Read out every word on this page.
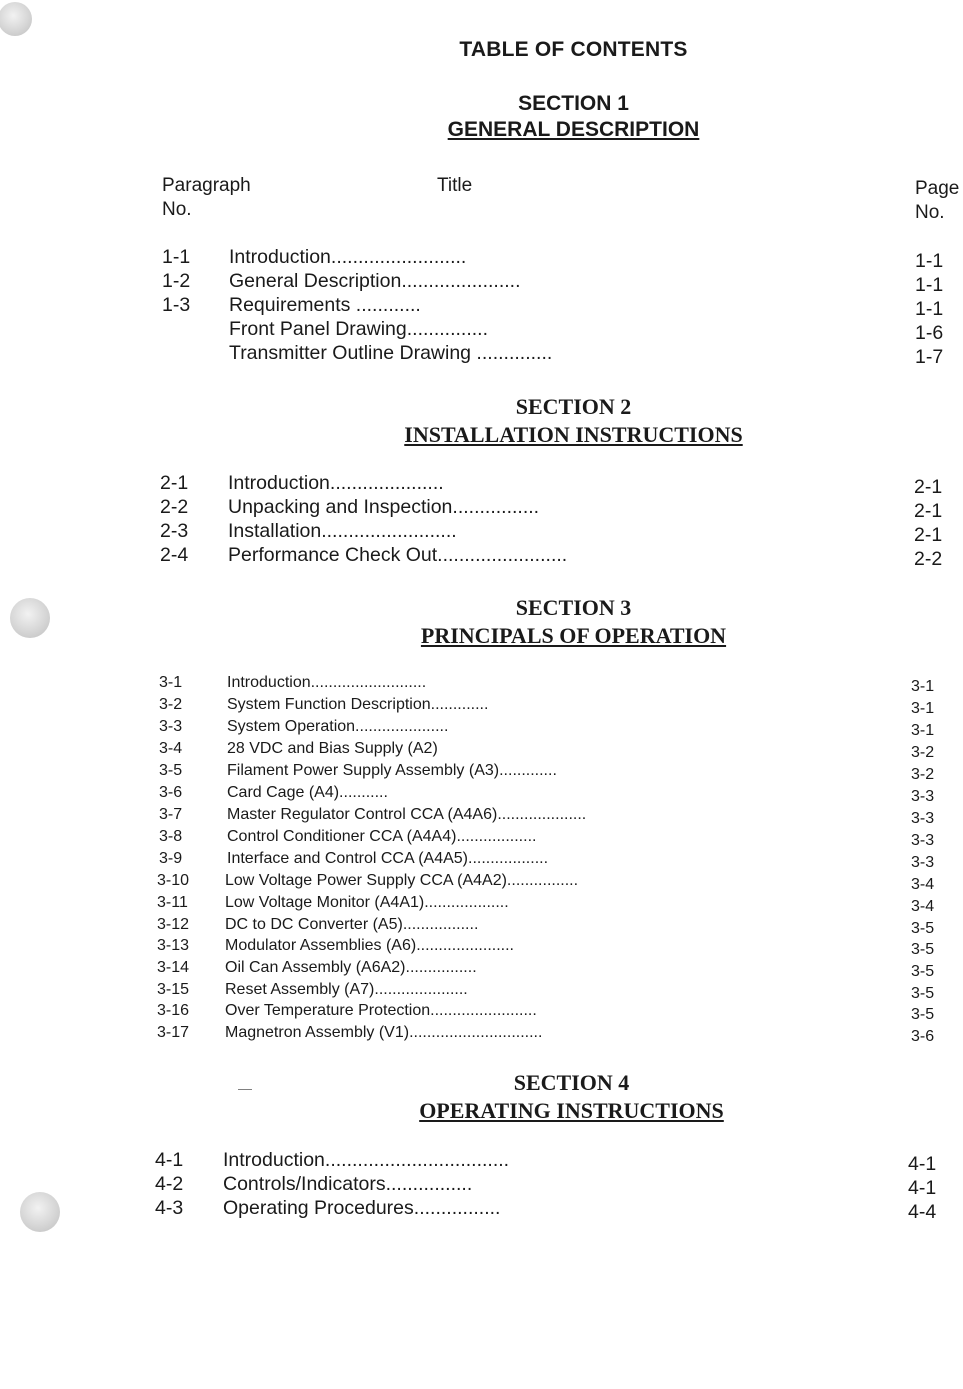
TABLE OF CONTENTS
SECTION 1
GENERAL DESCRIPTION
Paragraph
No.
Title	Page
No.
1-1 Introduction.........................	1-1
1-2 General Description......................	1-1
1-3 Requirements ............	1-1
Front Panel Drawing...............	1-6
Transmitter Outline Drawing ..............	1-7
SECTION 2
INSTALLATION INSTRUCTIONS
2-1 Introduction.....................	2-1
2-2 Unpacking and Inspection................	2-1
2-3 Installation.........................	2-1
2-4 Performance Check Out........................	2-2
SECTION 3
PRINCIPALS OF OPERATION
3-1	Introduction..........................	3-1
3-2	System Function Description.............	3-1
3-3	System Operation.....................	3-1
3-4	28 VDC and Bias Supply (A2)	3-2
3-5	Filament Power Supply Assembly (A3).............	3-2
3-6	Card Cage (A4)...........	3-3
3-7	Master Regulator Control CCA (A4A6)....................	3-3
3-8	Control Conditioner CCA (A4A4)..................	3-3
3-9	Interface and Control CCA (A4A5)..................	3-3
3-10 Low Voltage Power Supply CCA (A4A2)................	3-4
3-11 Low Voltage Monitor (A4A1)...................	3-4
3-12 DC to DC Converter (A5).................	3-5
3-13 Modulator Assemblies (A6)......................	3-5
3-14 Oil Can Assembly (A6A2)................	3-5
3-15 Reset Assembly (A7).....................	3-5
3-16 Over Temperature Protection........................	3-5
3-17 Magnetron Assembly (V1)..............................	3-6
—	SECTION 4
OPERATING INSTRUCTIONS
4-1 Introduction..................................	4-1
4-2 Controls/Indicators................	4-1
4-3 Operating Procedures................	4-4
